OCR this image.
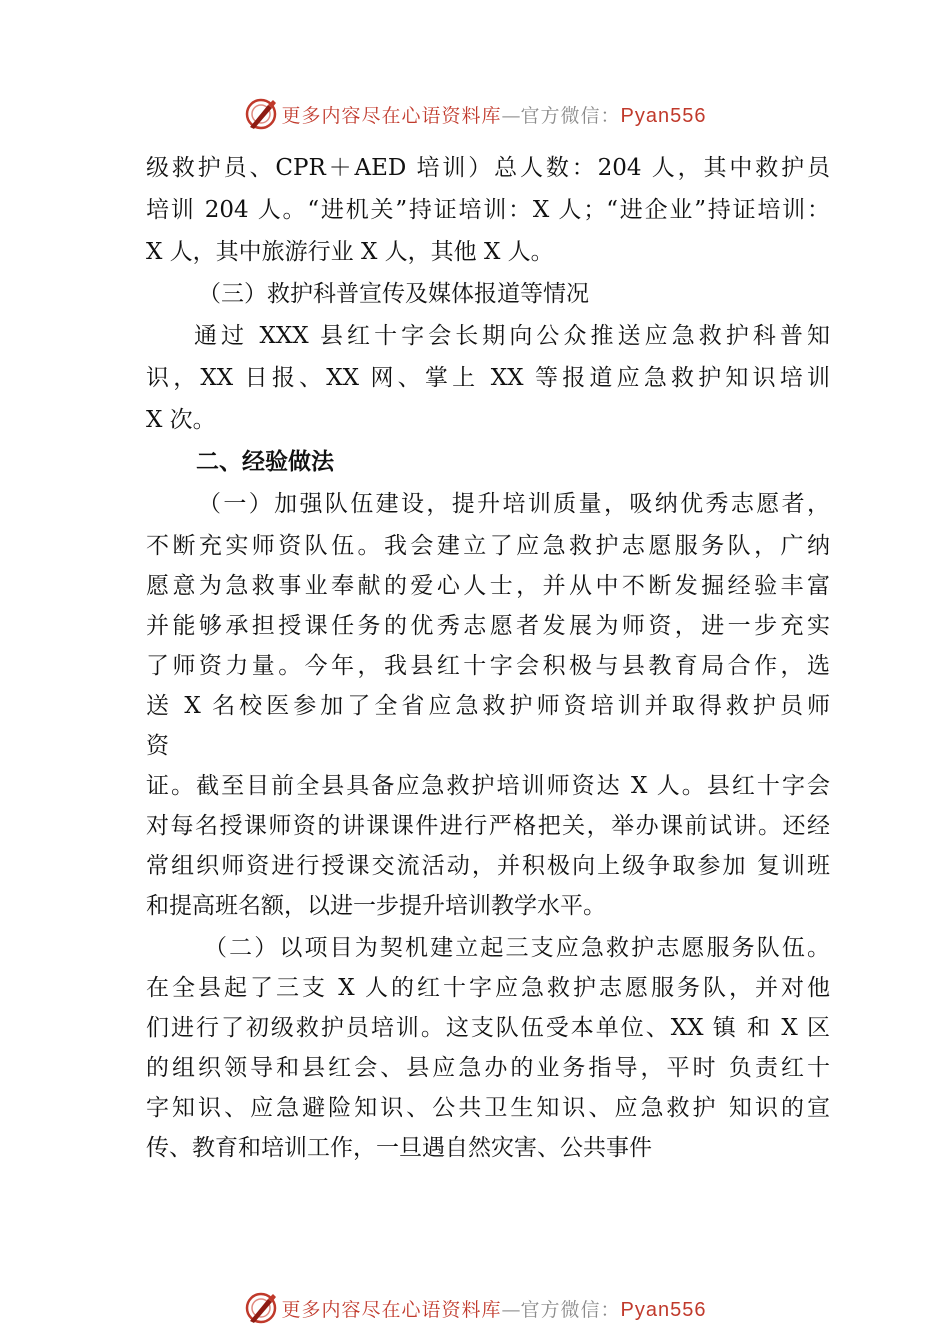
更多内容尽在心语资料库—官方微信：Pyan556
级救护员、CPR＋AED 培训）总人数：204 人，其中救护员
培训 204 人。“进机关”持证培训：X 人；“进企业”持证培训：
X 人，其中旅游行业 X 人，其他 X 人。
（三）救护科普宣传及媒体报道等情况
通过 XXX 县红十字会长期向公众推送应急救护科普知
识，XX 日报、XX 网、掌上 XX 等报道应急救护知识培训
X 次。
二、经验做法
（一）加强队伍建设，提升培训质量，吸纳优秀志愿者，
不断充实师资队伍。我会建立了应急救护志愿服务队，广纳
愿意为急救事业奉献的爱心人士，并从中不断发掘经验丰富
并能够承担授课任务的优秀志愿者发展为师资，进一步充实
了师资力量。今年，我县红十字会积极与县教育局合作，选
送 X 名校医参加了全省应急救护师资培训并取得救护员师
资
证。截至目前全县具备应急救护培训师资达 X 人。县红十字会
对每名授课师资的讲课课件进行严格把关，举办课前试讲。还经
常组织师资进行授课交流活动，并积极向上级争取参加 复训班
和提高班名额，以进一步提升培训教学水平。
（二）以项目为契机建立起三支应急救护志愿服务队伍。
在全县起了三支 X 人的红十字应急救护志愿服务队，并对他
们进行了初级救护员培训。这支队伍受本单位、XX 镇 和 X 区
的组织领导和县红会、县应急办的业务指导，平时 负责红十
字知识、应急避险知识、公共卫生知识、应急救护 知识的宣
传、教育和培训工作，一旦遇自然灾害、公共事件
更多内容尽在心语资料库—官方微信：Pyan556
